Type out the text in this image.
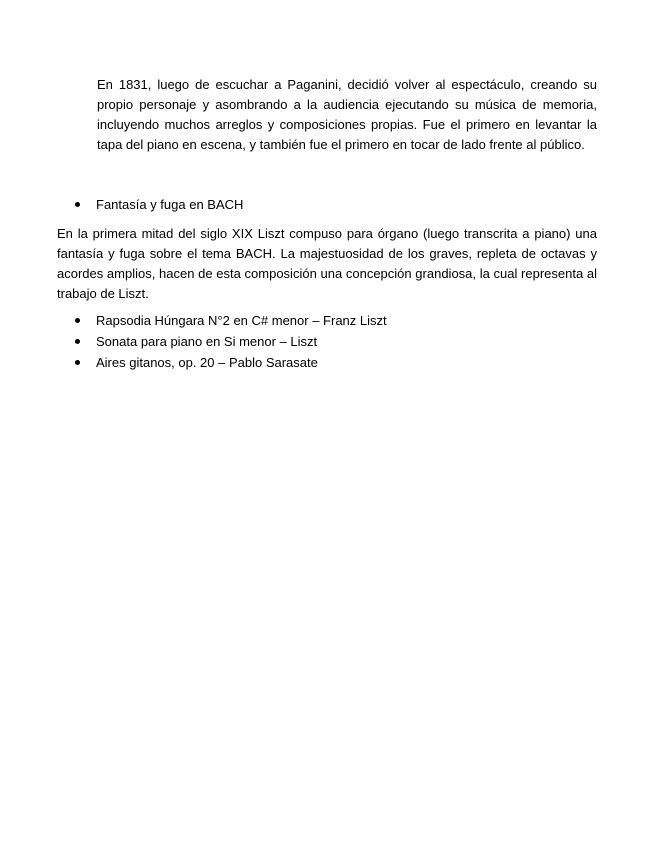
En 1831, luego de escuchar a Paganini, decidió volver al espectáculo, creando su propio personaje y asombrando a la audiencia ejecutando su música de memoria, incluyendo muchos arreglos y composiciones propias. Fue el primero en levantar la tapa del piano en escena, y también fue el primero en tocar de lado frente al público.

Fantasía y fuga en BACH

En la primera mitad del siglo XIX Liszt compuso para órgano (luego transcrita a piano) una fantasía y fuga sobre el tema BACH. La majestuosidad de los graves, repleta de octavas y acordes amplios, hacen de esta composición una concepción grandiosa, la cual representa al trabajo de Liszt.

Rapsodia Húngara N°2 en C# menor – Franz Liszt
Sonata para piano en Si menor – Liszt
Aires gitanos, op. 20 – Pablo Sarasate
